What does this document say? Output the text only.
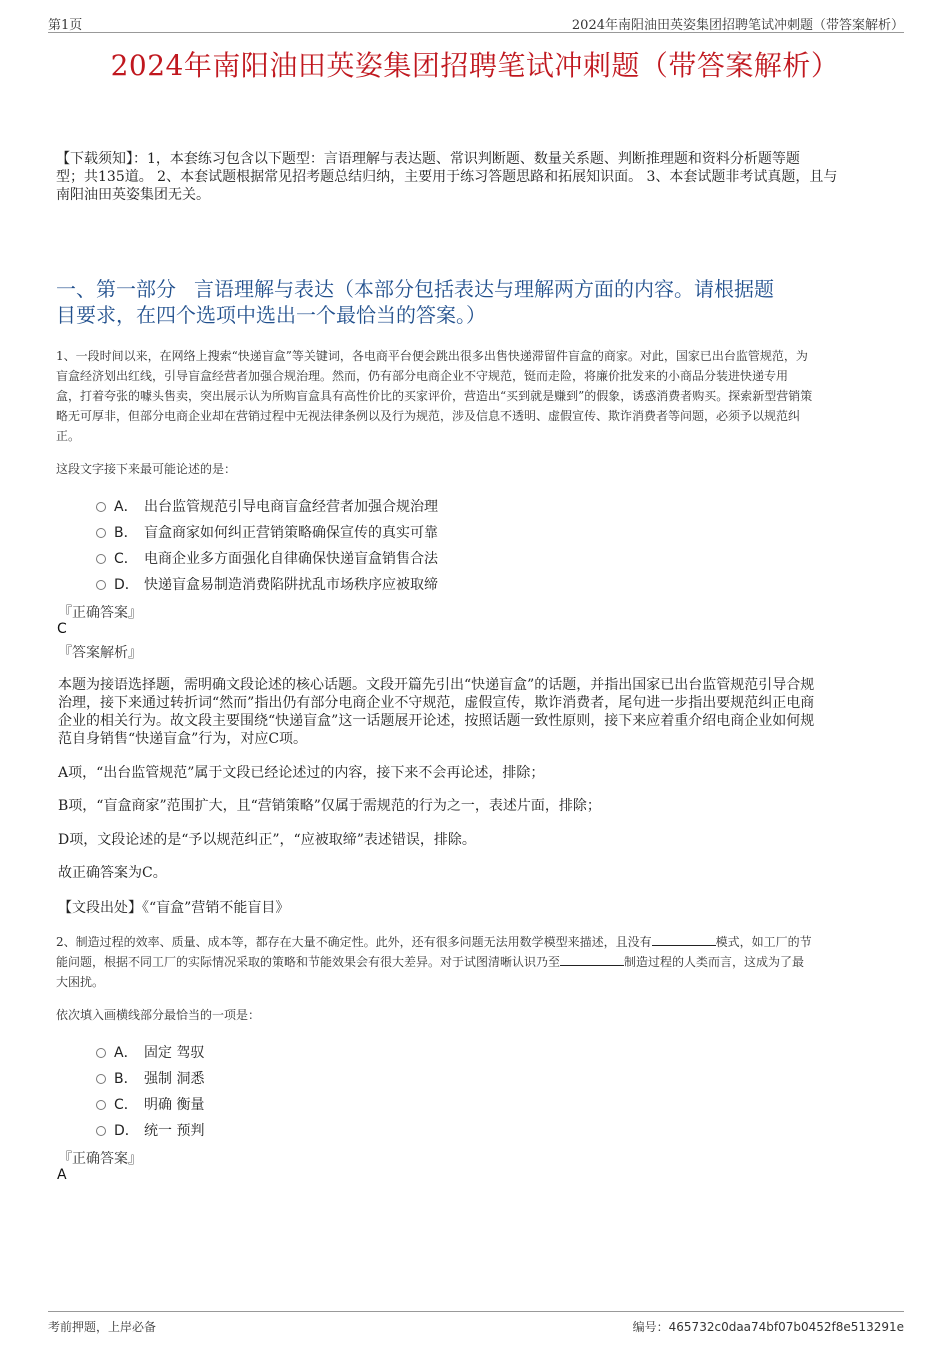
第1页	2024年南阳油田英姿集团招聘笔试冲刺题（带答案解析）
2024年南阳油田英姿集团招聘笔试冲刺题（带答案解析）
【下载须知】：1，本套练习包含以下题型：言语理解与表达题、常识判断题、数量关系题、判断推理题和资料分析题等题
型；共135道。 2、本套试题根据常见招考题总结归纳，主要用于练习答题思路和拓展知识面。 3、本套试题非考试真题，且与
南阳油田英姿集团无关。
一、第一部分 言语理解与表达（本部分包括表达与理解两方面的内容。请根据题
目要求，在四个选项中选出一个最恰当的答案。）
1、一段时间以来，在网络上搜索“快递盲盒”等关键词，各电商平台便会跳出很多出售快递滞留件盲盒的商家。对此，国家已出台监管规范，为
盲盒经济划出红线，引导盲盒经营者加强合规治理。然而，仍有部分电商企业不守规范，铤而走险，将廉价批发来的小商品分装进快递专用
盒，打着夸张的噱头售卖，突出展示认为所购盲盒具有高性价比的买家评价，营造出“买到就是赚到”的假象，诱惑消费者购买。探索新型营销策
略无可厚非，但部分电商企业却在营销过程中无视法律条例以及行为规范，涉及信息不透明、虚假宣传、欺诈消费者等问题，必须予以规范纠
正。
这段文字接下来最可能论述的是：
A． 出台监管规范引导电商盲盒经营者加强合规治理
B． 盲盒商家如何纠正营销策略确保宣传的真实可靠
C． 电商企业多方面强化自律确保快递盲盒销售合法
D． 快递盲盒易制造消费陷阱扰乱市场秩序应被取缔
『正确答案』
C
『答案解析』
本题为接语选择题，需明确文段论述的核心话题。文段开篇先引出“快递盲盒”的话题，并指出国家已出台监管规范引导合规
治理，接下来通过转折词“然而”指出仍有部分电商企业不守规范，虚假宣传，欺诈消费者，尾句进一步指出要规范纠正电商
企业的相关行为。故文段主要围绕“快递盲盒”这一话题展开论述，按照话题一致性原则，接下来应着重介绍电商企业如何规
范自身销售“快递盲盒”行为，对应C项。
A项，“出台监管规范”属于文段已经论述过的内容，接下来不会再论述，排除；
B项，“盲盒商家”范围扩大，且“营销策略”仅属于需规范的行为之一，表述片面，排除；
D项，文段论述的是“予以规范纠正”，“应被取缔”表述错误，排除。
故正确答案为C。
【文段出处】《“盲盒”营销不能盲目》
2、制造过程的效率、质量、成本等，都存在大量不确定性。此外，还有很多问题无法用数学模型来描述，且没有	模式，如工厂的节
能问题，根据不同工厂的实际情况采取的策略和节能效果会有很大差异。对于试图清晰认识乃至	制造过程的人类而言，这成为了最
大困扰。
依次填入画横线部分最恰当的一项是：
A． 固定 驾驭
B． 强制 洞悉
C． 明确 衡量
D． 统一 预判
『正确答案』
A
考前押题，上岸必备	编号：465732c0daa74bf07b0452f8e513291e
